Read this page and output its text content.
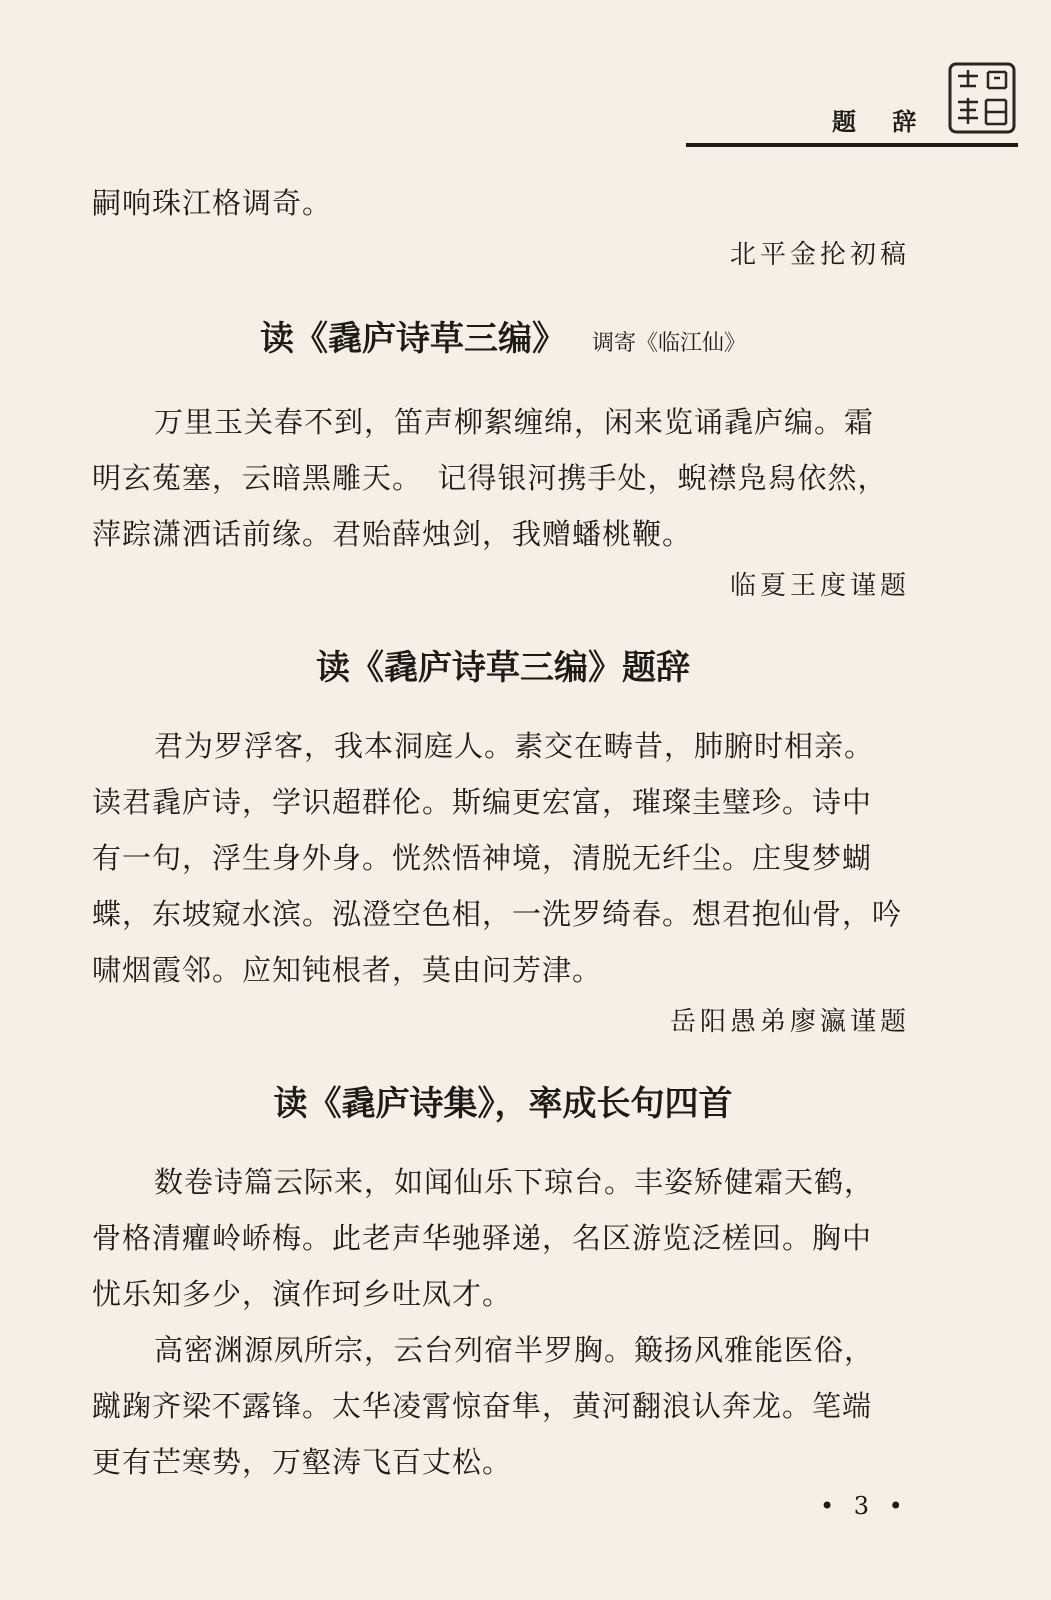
题 辞

嗣响珠江格调奇。

北平金抡初稿

读《毳庐诗草三编》 调寄《临江仙》

万里玉关春不到，笛声柳絮缠绵，闲来览诵毳庐编。霜

明玄菟塞，云暗黑雕天。　记得银河携手处，蜺襟凫舄依然，

萍踪潇洒话前缘。君贻薛烛剑，我赠蟠桃鞭。

临夏王度谨题

读《毳庐诗草三编》题辞

君为罗浮客，我本洞庭人。素交在畴昔，肺腑时相亲。

读君毳庐诗，学识超群伦。斯编更宏富，璀璨圭璧珍。诗中

有一句，浮生身外身。恍然悟神境，清脱无纤尘。庄叟梦蝴

蝶，东坡窥水滨。泓澄空色相，一洗罗绮春。想君抱仙骨，吟

啸烟霞邻。应知钝根者，莫由问芳津。

岳阳愚弟廖瀛谨题

读《毳庐诗集》，率成长句四首

数卷诗篇云际来，如闻仙乐下琼台。丰姿矫健霜天鹤，

骨格清癯岭峤梅。此老声华驰驿递，名区游览泛槎回。胸中

忧乐知多少，演作珂乡吐凤才。

高密渊源夙所宗，云台列宿半罗胸。簸扬风雅能医俗，

蹴踘齐梁不露锋。太华凌霄惊奋隼，黄河翻浪认奔龙。笔端

更有芒寒势，万壑涛飞百丈松。

• 3 •
